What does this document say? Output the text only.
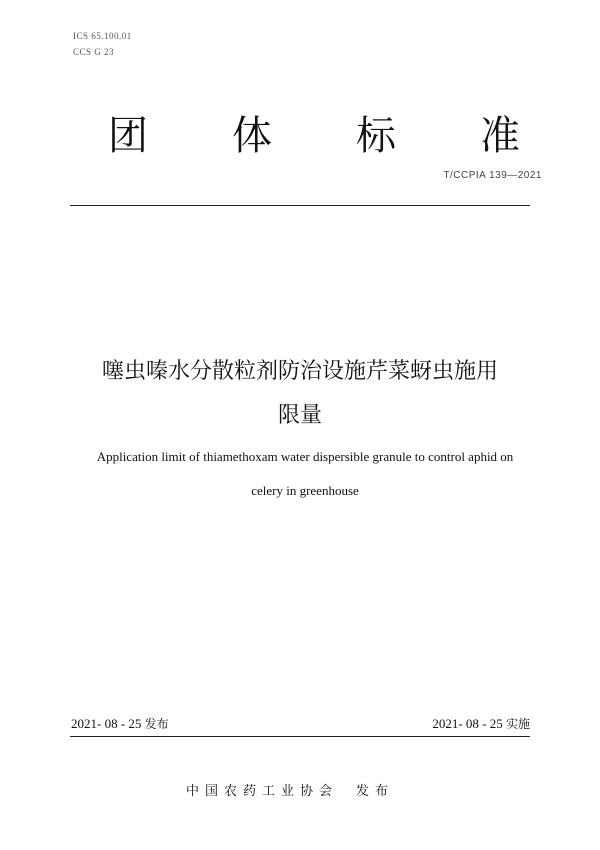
ICS 65.100.01
CCS G 23
团 体 标 准
T/CCPIA 139—2021
噻虫嗪水分散粒剂防治设施芹菜蚜虫施用
限量
Application limit of thiamethoxam water dispersible granule to control aphid on
celery in greenhouse
2021- 08 - 25 发布	2021- 08 - 25 实施
中国农药工业协会 发布
